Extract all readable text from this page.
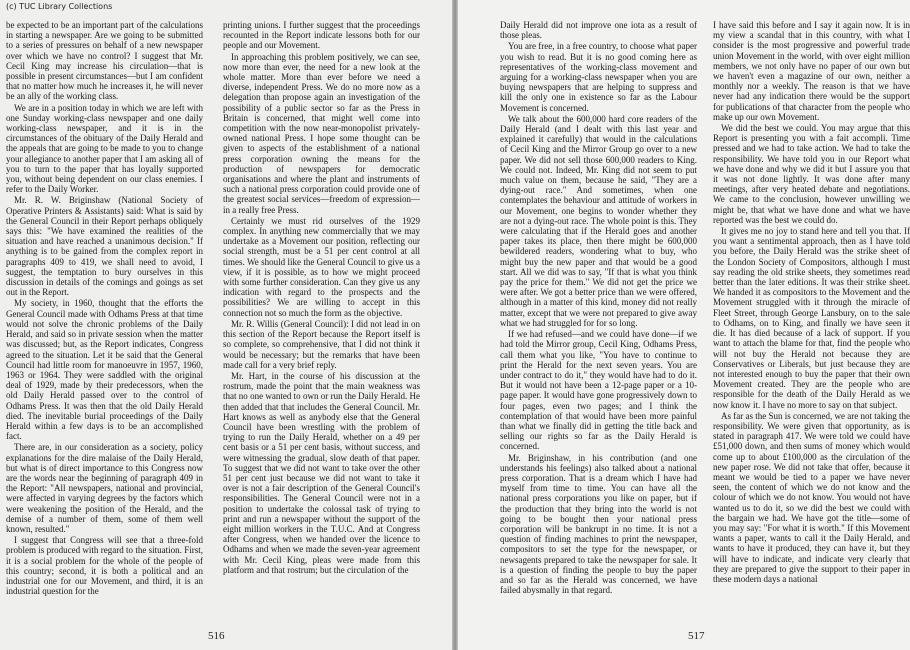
be expected to be an important part of the calculations in starting a newspaper. Are we going to be submitted to a series of pressures on behalf of a new newspaper over which we have no control? I suggest that Mr. Cecil King may increase his circulation—that is possible in present circumstances—but I am confident that no matter how much he increases it, he will never be an ally of the working class.

We are in a position today in which we are left with one Sunday working-class newspaper and one daily working-class newspaper, and it is in the circumstances of the obituary of the Daily Herald and the appeals that are going to be made to you to change your allegiance to another paper that I am asking all of you to turn to the paper that has loyally supported you, without being dependent on our class enemies. I refer to the Daily Worker.

Mr. R. W. Briginshaw (National Society of Operative Printers & Assistants) said: What is said by the General Council in their Report perhaps obliquely says this: "We have examined the realities of the situation and have reached a unanimous decision." If anything is to be gained from the complex report in paragraphs 409 to 419, we shall need to avoid, I suggest, the temptation to bury ourselves in this discussion in details of the comings and goings as set out in the Report.

My society, in 1960, thought that the efforts the General Council made with Odhams Press at that time would not solve the chronic problems of the Daily Herald, and said so in private session when the matter was discussed; but, as the Report indicates, Congress agreed to the situation. Let it be said that the General Council had little room for manoeuvre in 1957, 1960, 1963 or 1964. They were saddled with the original deal of 1929, made by their predecessors, when the old Daily Herald passed over to the control of Odhams Press. It was then that the old Daily Herald died. The inevitable burial proceedings of the Daily Herald within a few days is to be an accomplished fact.

There are, in our consideration as a society, policy explanations for the dire malaise of the Daily Herald, but what is of direct importance to this Congress now are the words near the beginning of paragraph 409 in the Report: "All newspapers, national and provincial, were affected in varying degrees by the factors which were weakening the position of the Herald, and the demise of a number of them, some of them well known, resulted."

I suggest that Congress will see that a three-fold problem is produced with regard to the situation. First, it is a social problem for the whole of the people of this country; second, it is both a political and an industrial one for our Movement, and third, it is an industrial question for the

printing unions. I further suggest that the proceedings recounted in the Report indicate lessons both for our people and our Movement.

In approaching this problem positively, we can see, now more than ever, the need for a new look at the whole matter. More than ever before we need a diverse, independent Press. We do no more now as a delegation than propose again an investigation of the possibility of a public sector so far as the Press in Britain is concerned, that might well come into competition with the now near-monopolist privately-owned national Press. I hope some thought can be given to aspects of the establishment of a national press corporation owning the means for the production of newspapers for democratic organisations and where the plant and instruments of such a national press corporation could provide one of the greatest social services—freedom of expression—in a really free Press.

Certainly we must rid ourselves of the 1929 complex. In anything new commercially that we may undertake as a Movement our position, reflecting our social strength, must be a 51 per cent control at all times. We should like the General Council to give us a view, if it is possible, as to how we might proceed with some further consideration. Can they give us any indication with regard to the prospects and the possibilities? We are willing to accept in this connection not so much the form as the objective.

Mr. R. Willis (General Council): I did not lead in on this section of the Report because the Report itself is so complete, so comprehensive, that I did not think it would be necessary; but the remarks that have been made call for a very brief reply.

Mr. Hart, in the course of his discussion at the rostrum, made the point that the main weakness was that no one wanted to own or run the Daily Herald. He then added that that includes the General Council. Mr. Hart knows as well as anybody else that the General Council have been wrestling with the problem of trying to run the Daily Herald, whether on a 49 per cent basis or a 51 per cent basis, without success, and were witnessing the gradual, slow death of that paper. To suggest that we did not want to take over the other 51 per cent just because we did not want to take it over is not a fair description of the General Council's responsibilities. The General Council were not in a position to undertake the colossal task of trying to print and run a newspaper without the support of the eight million workers in the T.U.C. And at Congress after Congress, when we handed over the licence to Odhams and when we made the seven-year agreement with Mr. Cecil King, pleas were made from this platform and that rostrum; but the circulation of the

516

Daily Herald did not improve one iota as a result of those pleas.

You are free, in a free country, to choose what paper you wish to read. But it is no good coming here as representatives of the working-class movement and arguing for a working-class newspaper when you are buying newspapers that are helping to suppress and kill the only one in existence so far as the Labour Movement is concerned.

We talk about the 600,000 hard core readers of the Daily Herald (and I dealt with this last year and explained it carefully) that would in the calculations of Cecil King and the Mirror Group go over to a new paper. We did not sell those 600,000 readers to King. We could not. Indeed, Mr. King did not seem to put much value on them, because he said, "They are a dying-out race." And sometimes, when one contemplates the behaviour and attitude of workers in our Movement, one begins to wonder whether they are not a dying-out race. The whole point is this. They were calculating that if the Herald goes and another paper takes its place, then there might be 600,000 bewildered readers, wondering what to buy, who might buy the new paper and that would be a good start. All we did was to say, "If that is what you think pay the price for them." We did not get the price we were after. We got a better price than we were offered, although in a matter of this kind, money did not really matter, except that we were not prepared to give away what we had struggled for for so long.

If we had refused—and we could have done—if we had told the Mirror group, Cecil King, Odhams Press, call them what you like, "You have to continue to print the Herald for the next seven years. You are under contract to do it," they would have had to do it. But it would not have been a 12-page paper or a 10-page paper. It would have gone progressively down to four pages, even two pages; and I think the contemplation of that would have been more painful than what we finally did in getting the title back and selling our rights so far as the Daily Herald is concerned.

Mr. Briginshaw, in his contribution (and one understands his feelings) also talked about a national press corporation. That is a dream which I have had myself from time to time. You can have all the national press corporations you like on paper, but if the production that they bring into the world is not going to be bought then your national press corporation will be bankrupt in no time. It is not a question of finding machines to print the newspaper, compositors to set the type for the newspaper, or newsagents prepared to take the newspaper for sale. It is a question of finding the people to buy the paper and so far as the Herald was concerned, we have failed abysmally in that regard.

I have said this before and I say it again now. It is in my view a scandal that in this country, with what I consider is the most progressive and powerful trade union Movement in the world, with over eight million members, we not only have no paper of our own but we haven't even a magazine of our own, neither a monthly nor a weekly. The reason is that we have never had any indication there would be the support for publications of that character from the people who make up our own Movement.

We did the best we could. You may argue that this Report is presenting you with a fait accompli. Time pressed and we had to take action. We had to take the responsibility. We have told you in our Report what we have done and why we did it but I assure you that it was not done lightly. It was done after many meetings, after very heated debate and negotiations. We came to the conclusion, however unwilling we might be, that what we have done and what we have reported was the best we could do.

It gives me no joy to stand here and tell you that. If you want a sentimental approach, then as I have told you before, the Daily Herald was the strike sheet of the London Society of Compositors, although I must say reading the old strike sheets, they sometimes read better than the later editions. It was their strike sheet. We handed it as compositors to the Movement and the Movement struggled with it through the miracle of Fleet Street, through George Lansbury, on to the sale to Odhams, on to King, and finally we have seen it die. It has died because of a lack of support. If you want to attach the blame for that, find the people who will not buy the Herald not because they are Conservatives or Liberals, but just because they are not interested enough to buy the paper that their own Movement created. They are the people who are responsible for the death of the Daily Herald as we now know it. I have no more to say on that subject.

As far as the Sun is concerned, we are not taking the responsibility. We were given that opportunity, as is stated in paragraph 417. We were told we could have £51,000 down, and then sums of money which would come up to about £100,000 as the circulation of the new paper rose. We did not take that offer, because it meant we would be tied to a paper we have never seen, the content of which we do not know and the colour of which we do not know. You would not have wanted us to do it, so we did the best we could with the bargain we had. We have got the title—some of you may say: "For what it is worth." If this Movement wants a paper, wants to call it the Daily Herald, and wants to have it produced, they can have it, but they will have to indicate, and indicate very clearly that they are prepared to give the support to their paper in these modern days a national

517
(c) TUC Library Collections
